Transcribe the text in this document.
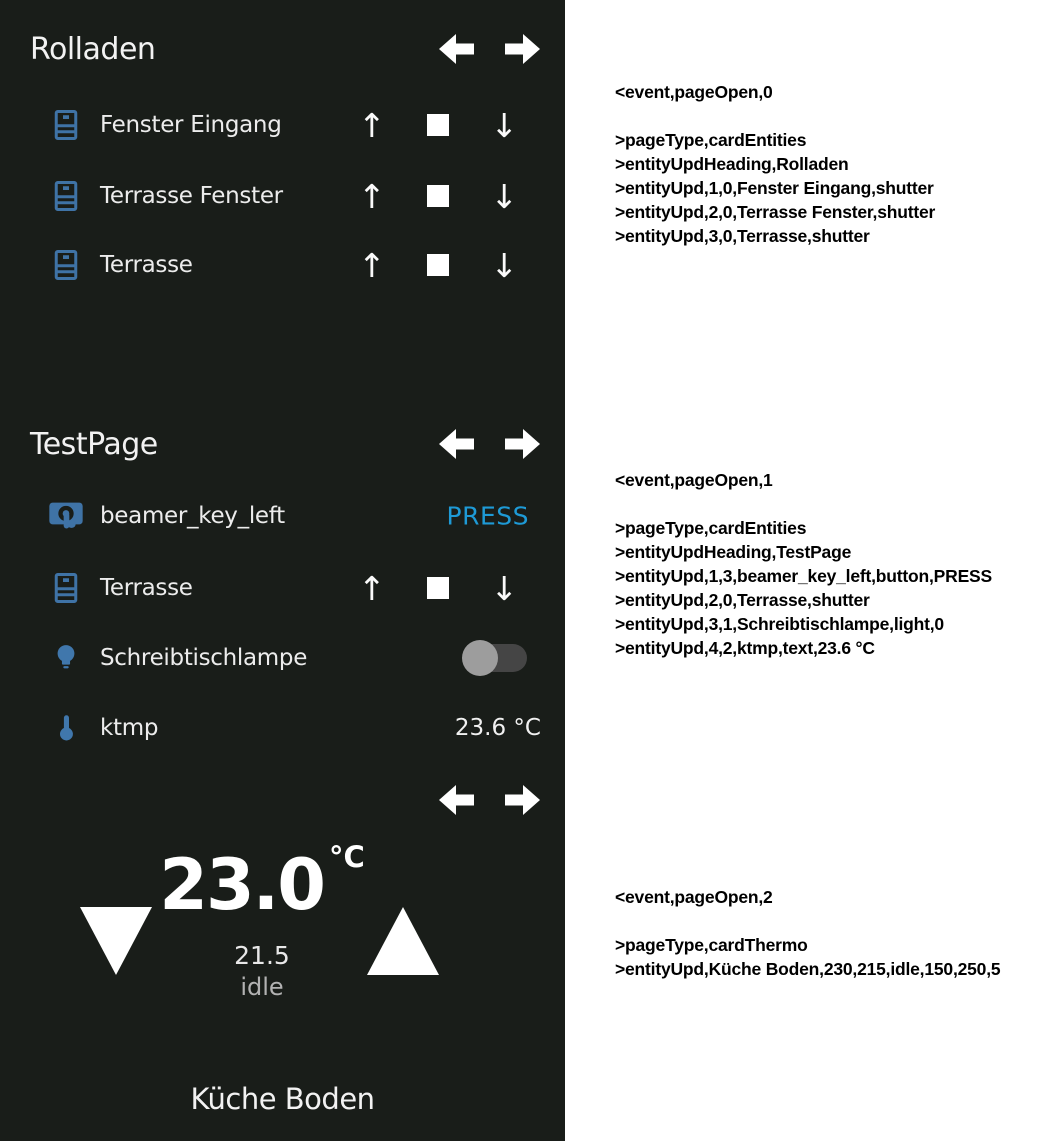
Rolladen
Fenster Eingang ↑	↓
Terrasse Fenster ↑	↓
Terrasse	↑	↓
TestPage
beamer_key_left	PRESS
Terrasse	↑	↓
Schreibtischlampe
ktmp	23.6 °C
23.0 °C
21.5
idle
Küche Boden
<event,pageOpen,0
>pageType,cardEntities
>entityUpdHeading,Rolladen
>entityUpd,1,0,Fenster Eingang,shutter
>entityUpd,2,0,Terrasse Fenster,shutter
>entityUpd,3,0,Terrasse,shutter
<event,pageOpen,1
>pageType,cardEntities
>entityUpdHeading,TestPage
>entityUpd,1,3,beamer_key_left,button,PRESS
>entityUpd,2,0,Terrasse,shutter
>entityUpd,3,1,Schreibtischlampe,light,0
>entityUpd,4,2,ktmp,text,23.6 °C
<event,pageOpen,2
>pageType,cardThermo
>entityUpd,Küche Boden,230,215,idle,150,250,5
